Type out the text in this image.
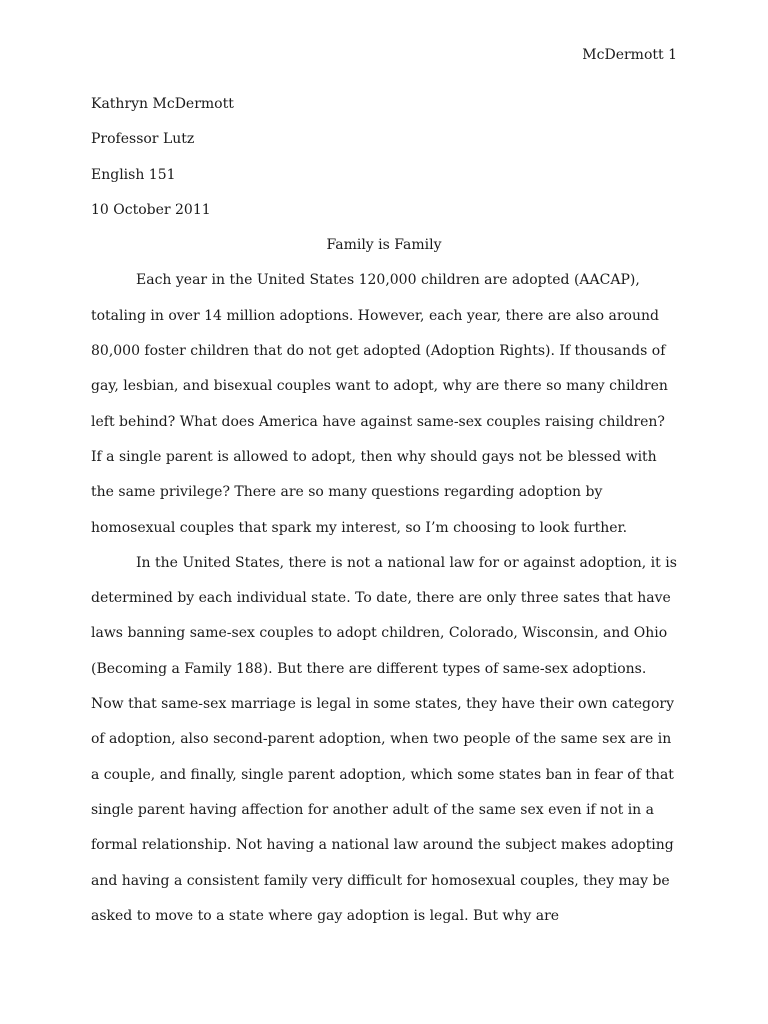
McDermott 1

Kathryn McDermott

Professor Lutz

English 151

10 October 2011

Family is Family

Each year in the United States 120,000 children are adopted (AACAP), totaling in over 14 million adoptions. However, each year, there are also around 80,000 foster children that do not get adopted (Adoption Rights). If thousands of gay, lesbian, and bisexual couples want to adopt, why are there so many children left behind? What does America have against same-sex couples raising children? If a single parent is allowed to adopt, then why should gays not be blessed with the same privilege? There are so many questions regarding adoption by homosexual couples that spark my interest, so I’m choosing to look further.

In the United States, there is not a national law for or against adoption, it is determined by each individual state. To date, there are only three sates that have laws banning same-sex couples to adopt children, Colorado, Wisconsin, and Ohio (Becoming a Family 188). But there are different types of same-sex adoptions. Now that same-sex marriage is legal in some states, they have their own category of adoption, also second-parent adoption, when two people of the same sex are in a couple, and finally, single parent adoption, which some states ban in fear of that single parent having affection for another adult of the same sex even if not in a formal relationship. Not having a national law around the subject makes adopting and having a consistent family very difficult for homosexual couples, they may be asked to move to a state where gay adoption is legal. But why are
